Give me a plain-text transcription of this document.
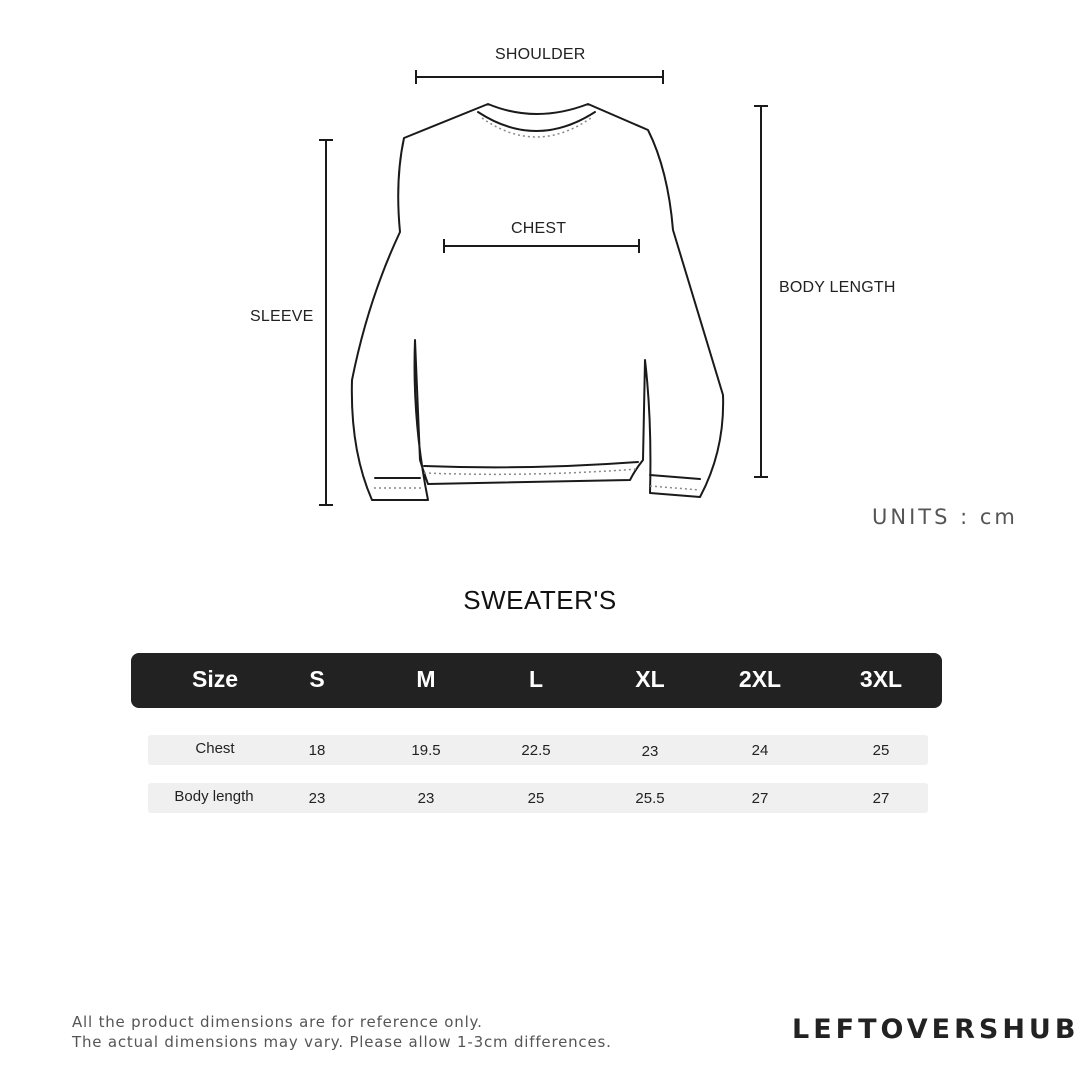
SHOULDER
CHEST
SLEEVE
BODY LENGTH
UNITS : cm
SWEATER'S
Size	S	M	L	XL	2XL	3XL
Chest	18	19.5	22.5	23	24	25
Body length	23	23	25	25.5	27	27
All the product dimensions are for reference only.
The actual dimensions may vary. Please allow 1-3cm differences.	LEFTOVERSHUB
